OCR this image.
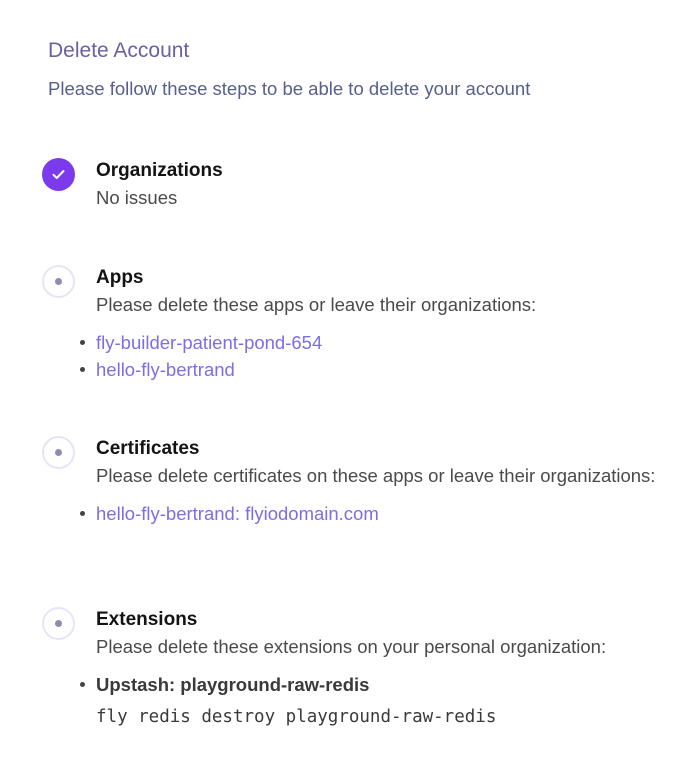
Delete Account

Please follow these steps to be able to delete your account

Organizations
No issues
Apps
Please delete these apps or leave their organizations:
fly-builder-patient-pond-654
hello-fly-bertrand
Certificates
Please delete certificates on these apps or leave their organizations:
hello-fly-bertrand: flyiodomain.com
Extensions
Please delete these extensions on your personal organization:
Upstash: playground-raw-redis
fly redis destroy playground-raw-redis
